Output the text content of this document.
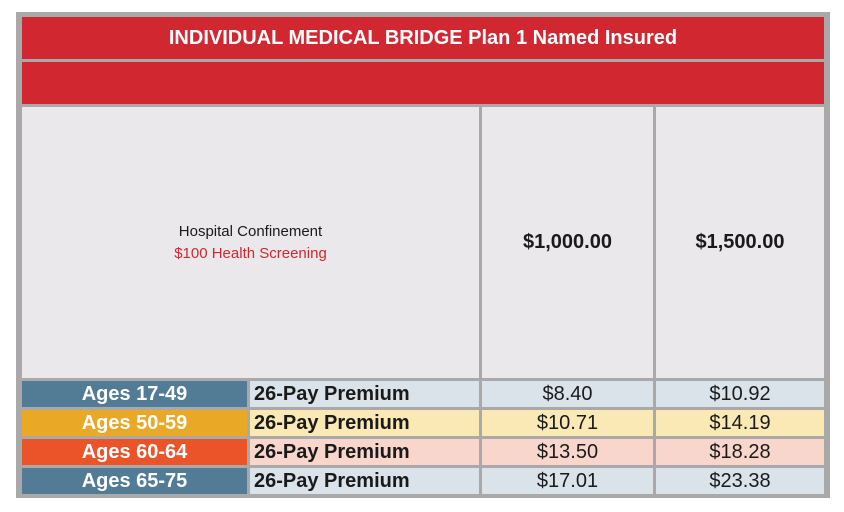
INDIVIDUAL MEDICAL BRIDGE Plan 1 Named Insured
Hospital Confinement
$100 Health Screening	$1,000.00	$1,500.00
Ages 17-49	26-Pay Premium	$8.40	$10.92
Ages 50-59	26-Pay Premium	$10.71	$14.19
Ages 60-64	26-Pay Premium	$13.50	$18.28
Ages 65-75	26-Pay Premium	$17.01	$23.38
